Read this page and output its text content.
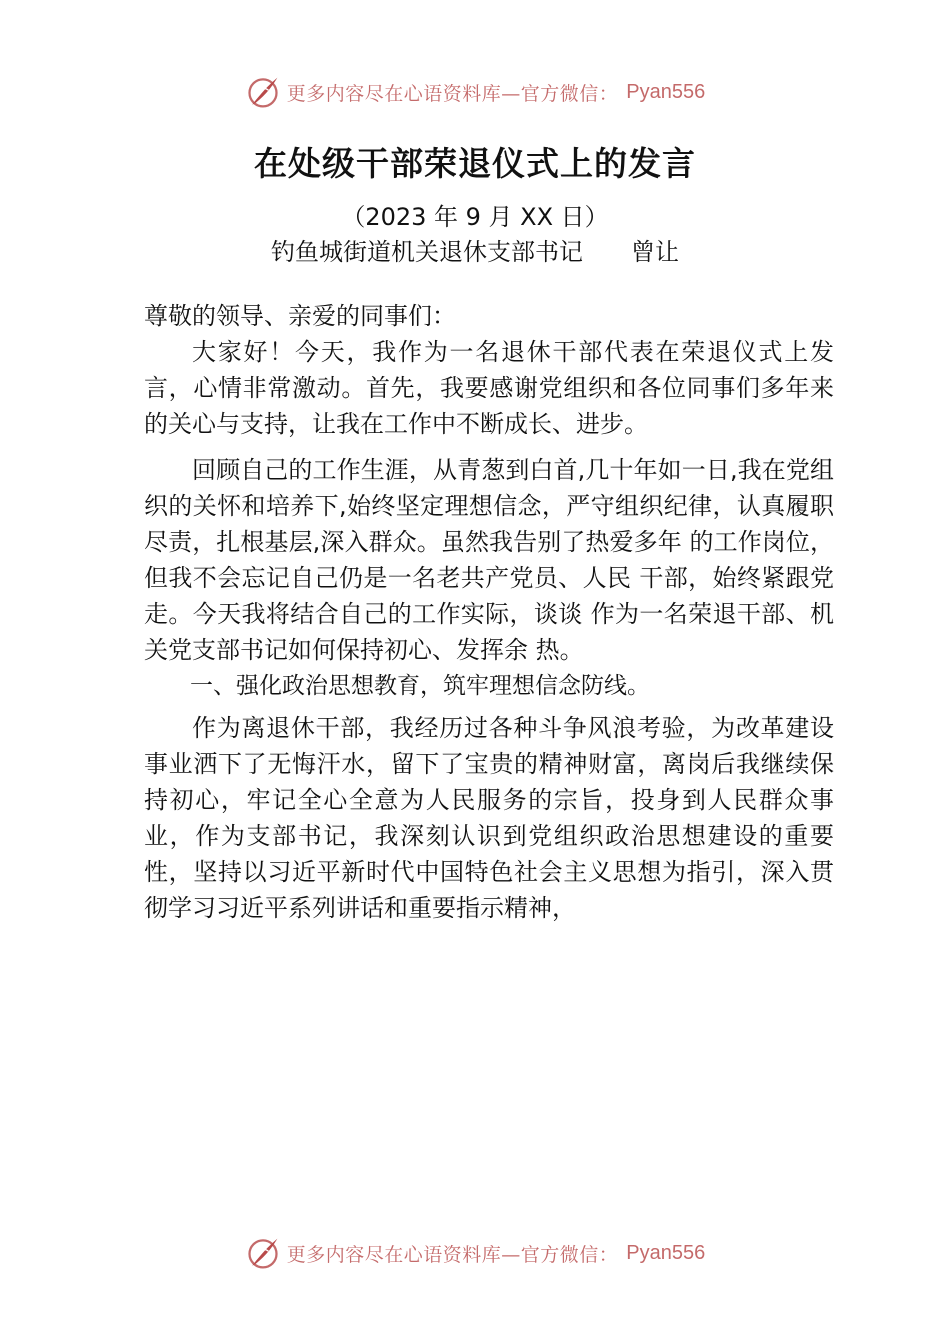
更多内容尽在心语资料库—官方微信： Pyan556
在处级干部荣退仪式上的发言
（2023 年 9 月 XX 日）
钓鱼城街道机关退休支部书记 曾让

尊敬的领导、亲爱的同事们：

大家好！今天，我作为一名退休干部代表在荣退仪式上发言，心情非常激动。首先，我要感谢党组织和各位同事们多年来的关心与支持，让我在工作中不断成长、进步。

回顾自己的工作生涯，从青葱到白首,几十年如一日,我在党组织的关怀和培养下,始终坚定理想信念，严守组织纪律，认真履职尽责，扎根基层,深入群众。虽然我告别了热爱多年 的工作岗位，但我不会忘记自己仍是一名老共产党员、人民 干部，始终紧跟党走。今天我将结合自己的工作实际，谈谈 作为一名荣退干部、机关党支部书记如何保持初心、发挥余 热。

一、强化政治思想教育，筑牢理想信念防线。

作为离退休干部，我经历过各种斗争风浪考验，为改革建设事业洒下了无悔汗水，留下了宝贵的精神财富，离岗后我继续保持初心，牢记全心全意为人民服务的宗旨，投身到人民群众事业，作为支部书记，我深刻认识到党组织政治思想建设的重要性，坚持以习近平新时代中国特色社会主义思想为指引，深入贯彻学习习近平系列讲话和重要指示精神，

更多内容尽在心语资料库—官方微信： Pyan556
